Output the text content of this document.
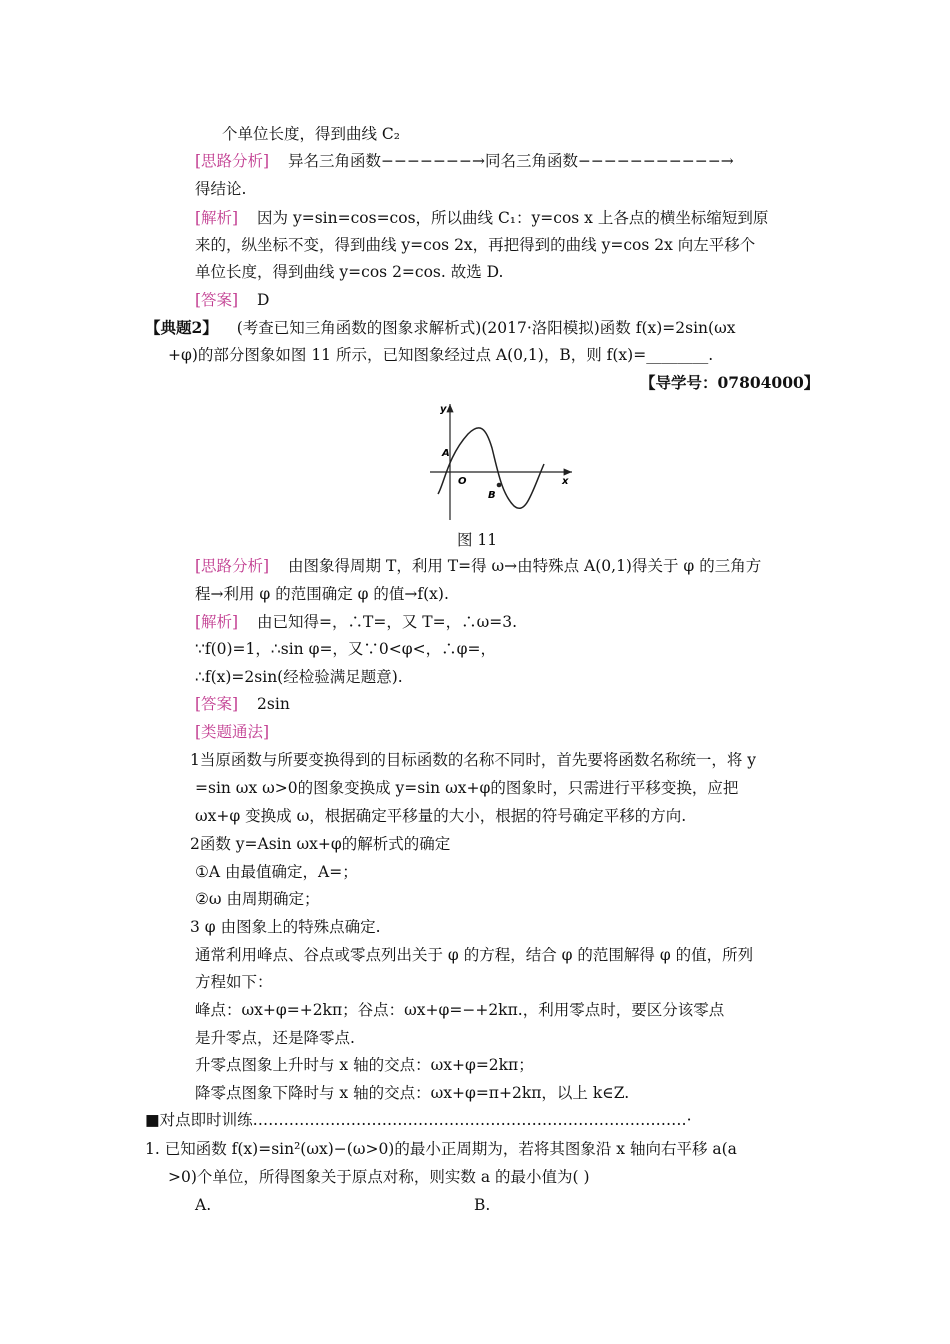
个单位长度，得到曲线 C₂
[思路分析] 异名三角函数−−−−−−−→同名三角函数−−−−−−−−−−−→
得结论.
[解析] 因为 y=sin=cos=cos，所以曲线 C₁：y=cos x 上各点的横坐标缩短到原
来的，纵坐标不变，得到曲线 y=cos 2x，再把得到的曲线 y=cos 2x 向左平移个
单位长度，得到曲线 y=cos 2=cos. 故选 D.
[答案] D
【典题2】 (考查已知三角函数的图象求解析式)(2017·洛阳模拟)函数 f(x)=2sin(ωx
+φ)的部分图象如图 11 所示，已知图象经过点 A(0,1)，B，则 f(x)=________.
【导学号：07804000】
y
x
O
A
B
图 11
[思路分析] 由图象得周期 T，利用 T=得 ω→由特殊点 A(0,1)得关于 φ 的三角方
程→利用 φ 的范围确定 φ 的值→f(x).
[解析] 由已知得=，∴T=，又 T=，∴ω=3.
∵f(0)=1，∴sin φ=，又∵0<φ<，∴φ=，
∴f(x)=2sin(经检验满足题意).
[答案] 2sin
[类题通法]
1当原函数与所要变换得到的目标函数的名称不同时，首先要将函数名称统一，将 y
=sin ωx ω>0的图象变换成 y=sin ωx+φ的图象时，只需进行平移变换，应把
ωx+φ 变换成 ω，根据确定平移量的大小，根据的符号确定平移的方向.
2函数 y=Asin ωx+φ的解析式的确定
①A 由最值确定，A=；
②ω 由周期确定；
3 φ 由图象上的特殊点确定.
通常利用峰点、谷点或零点列出关于 φ 的方程，结合 φ 的范围解得 φ 的值，所列
方程如下：
峰点：ωx+φ=+2kπ；谷点：ωx+φ=−+2kπ.，利用零点时，要区分该零点
是升零点，还是降零点.
升零点图象上升时与 x 轴的交点：ωx+φ=2kπ；
降零点图象下降时与 x 轴的交点：ωx+φ=π+2kπ，以上 k∈Z.
■对点即时训练…………………………………………………………………………·
1. 已知函数 f(x)=sin²(ωx)−(ω>0)的最小正周期为，若将其图象沿 x 轴向右平移 a(a
>0)个单位，所得图象关于原点对称，则实数 a 的最小值为( )
A.	B.
